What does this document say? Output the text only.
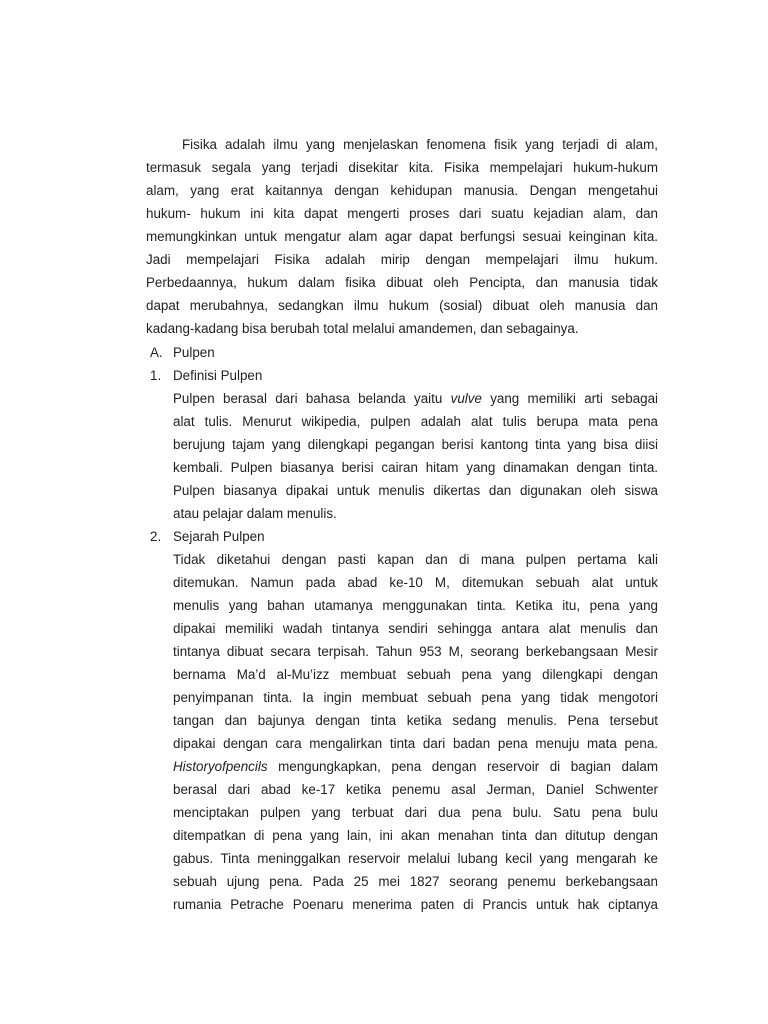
Fisika adalah ilmu yang menjelaskan fenomena fisik yang terjadi di alam,
termasuk segala yang terjadi disekitar kita. Fisika mempelajari hukum-hukum
alam, yang erat kaitannya dengan kehidupan manusia. Dengan mengetahui
hukum- hukum ini kita dapat mengerti proses dari suatu kejadian alam, dan
memungkinkan untuk mengatur alam agar dapat berfungsi sesuai keinginan kita.
Jadi mempelajari Fisika adalah mirip dengan mempelajari ilmu hukum.
Perbedaannya, hukum dalam fisika dibuat oleh Pencipta, dan manusia tidak
dapat merubahnya, sedangkan ilmu hukum (sosial) dibuat oleh manusia dan
kadang-kadang bisa berubah total melalui amandemen, dan sebagainya.
A. Pulpen
1. Definisi Pulpen
Pulpen berasal dari bahasa belanda yaitu vulve yang memiliki arti sebagai
alat tulis. Menurut wikipedia, pulpen adalah alat tulis berupa mata pena
berujung tajam yang dilengkapi pegangan berisi kantong tinta yang bisa diisi
kembali. Pulpen biasanya berisi cairan hitam yang dinamakan dengan tinta.
Pulpen biasanya dipakai untuk menulis dikertas dan digunakan oleh siswa
atau pelajar dalam menulis.
2. Sejarah Pulpen
Tidak diketahui dengan pasti kapan dan di mana pulpen pertama kali
ditemukan. Namun pada abad ke-10 M, ditemukan sebuah alat untuk
menulis yang bahan utamanya menggunakan tinta. Ketika itu, pena yang
dipakai memiliki wadah tintanya sendiri sehingga antara alat menulis dan
tintanya dibuat secara terpisah. Tahun 953 M, seorang berkebangsaan Mesir
bernama Ma’d al-Mu’izz membuat sebuah pena yang dilengkapi dengan
penyimpanan tinta. Ia ingin membuat sebuah pena yang tidak mengotori
tangan dan bajunya dengan tinta ketika sedang menulis. Pena tersebut
dipakai dengan cara mengalirkan tinta dari badan pena menuju mata pena.
Historyofpencils mengungkapkan, pena dengan reservoir di bagian dalam
berasal dari abad ke-17 ketika penemu asal Jerman, Daniel Schwenter
menciptakan pulpen yang terbuat dari dua pena bulu. Satu pena bulu
ditempatkan di pena yang lain, ini akan menahan tinta dan ditutup dengan
gabus. Tinta meninggalkan reservoir melalui lubang kecil yang mengarah ke
sebuah ujung pena. Pada 25 mei 1827 seorang penemu berkebangsaan
rumania Petrache Poenaru menerima paten di Prancis untuk hak ciptanya
